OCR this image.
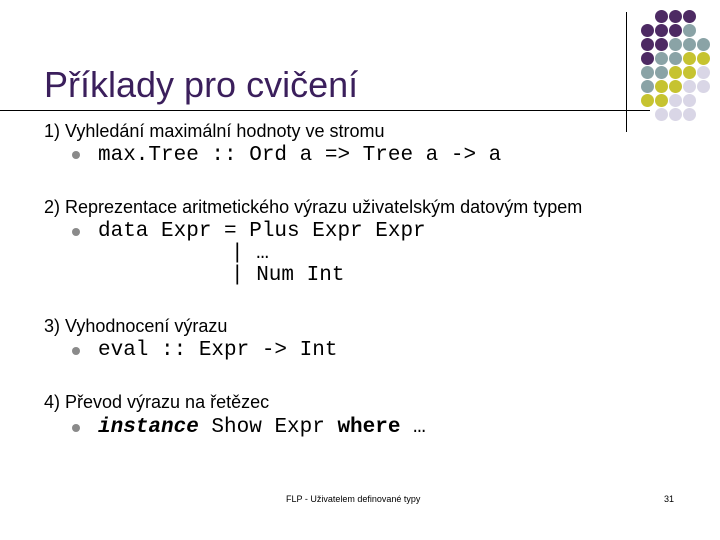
Příklady pro cvičení
1) Vyhledání maximální hodnoty ve stromu
max.Tree :: Ord a => Tree a -> a
2) Reprezentace aritmetického výrazu uživatelským datovým typem
data Expr = Plus Expr Expr
| …
| Num Int
3) Vyhodnocení výrazu
eval :: Expr -> Int
4) Převod výrazu na řetězec
instance Show Expr where …
FLP - Uživatelem definované typy	31
